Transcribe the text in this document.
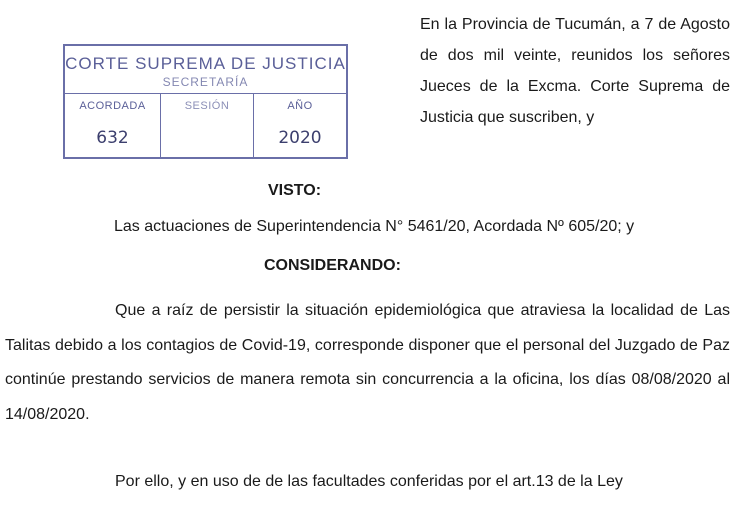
CORTE SUPREMA DE JUSTICIA
SECRETARÍA
ACORDADA
632
SESIÓN	AÑO
2020
En la Provincia de Tucumán, a 7 de Agosto de dos mil veinte, reunidos los señores Jueces de la Excma. Corte Suprema de Justicia que suscriben, y
VISTO:
Las actuaciones de Superintendencia N° 5461/20, Acordada Nº 605/20; y
CONSIDERANDO:
Que a raíz de persistir la situación epidemiológica que atraviesa la localidad de Las Talitas debido a los contagios de Covid-19, corresponde disponer que el personal del Juzgado de Paz continúe prestando servicios de manera remota sin concurrencia a la oficina, los días 08/08/2020 al 14/08/2020.
Por ello, y en uso de de las facultades conferidas por el art.13 de la Ley
